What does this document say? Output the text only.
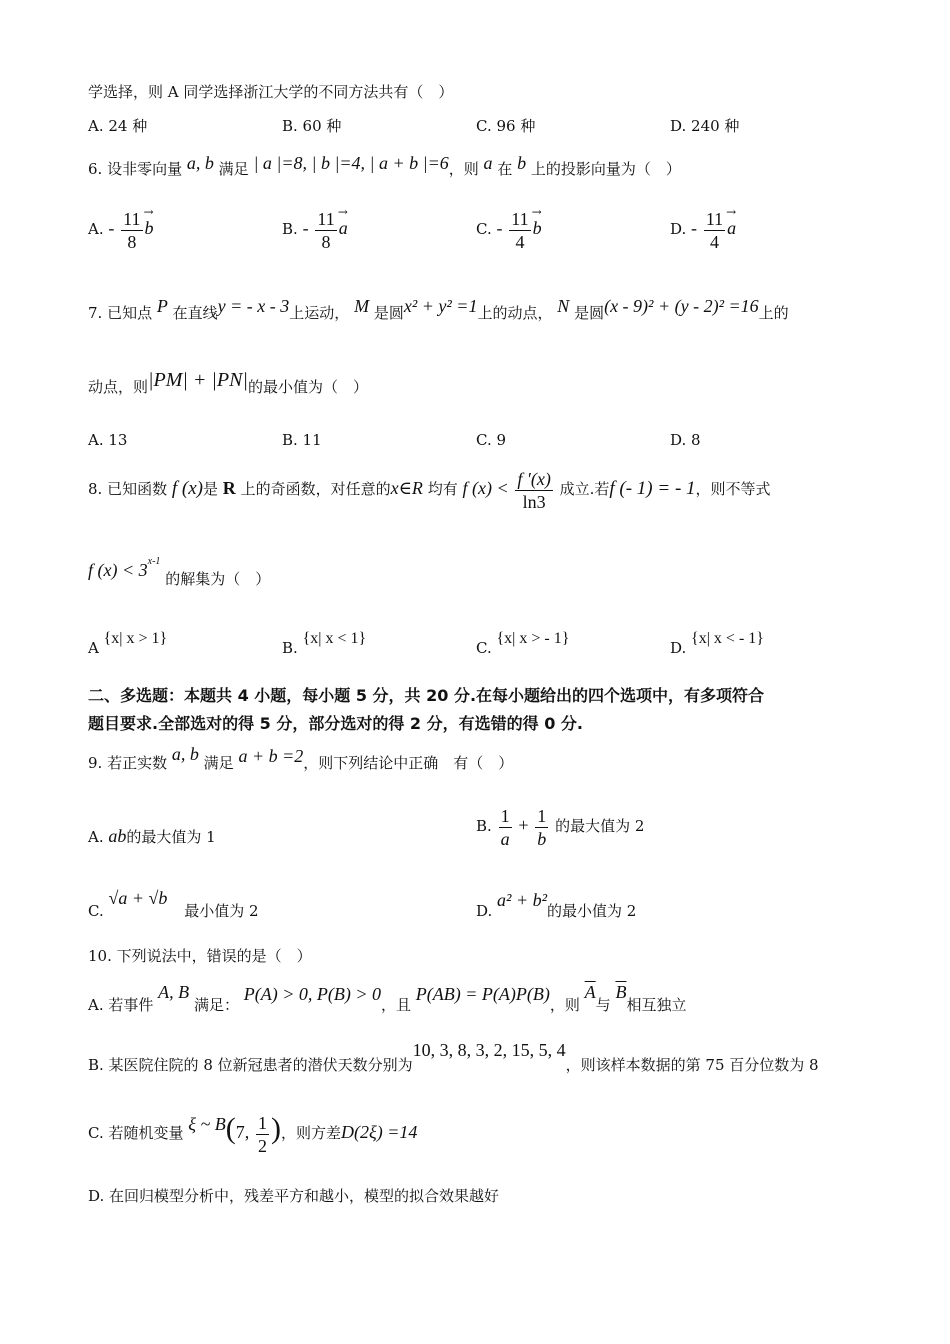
学选择，则 A 同学选择浙江大学的不同方法共有（　）
A. 24 种	B. 60 种	C. 96 种	D. 240 种
6. 设非零向量 a, b 满足 | a |=8, | b |=4, | a + b |=6，则 a 在 b 上的投影向量为（　）
A. - $\frac{11}{8} b^\to$
B. - $\frac{11}{8} a^\to$
C. - $\frac{11}{4} b^\to$
D. - $\frac{11}{4} a^\to$
7. 已知点 P 在直线y = - x - 3上运动， M 是圆x² + y² =1上的动点， N 是圆(x - 9)² + (y - 2)² =16上的
动点，则|PM| + |PN|的最小值为（　）
A. 13	B. 11	C. 9	D. 8
8. 已知函数 f (x)是 R 上的奇函数，对任意的x∈R 均有 f $(x) < \frac{f '(x)}{\ln 3}$ 成立.若f (- 1) = - 1，则不等式
f $(x) < 3^{x-1}$ 的解集为（　）
A {x| x > 1}
B. {x| x < 1}
C. {x| x > - 1}
D. {x| x < - 1}
二、多选题：本题共 4 小题，每小题 5 分，共 20 分.在每小题给出的四个选项中，有多项符合
题目要求.全部选对的得 5 分，部分选对的得 2 分，有选错的得 0 分.
9. 若正实数 a, b 满足 a + b =2，则下列结论中正确　有（　）
A. ab的最大值为 1
B. $\frac{1}{a} + \frac{1}{b}$ 的最大值为 2
C. √a + √b 最小值为 2	D. a² + b²的最小值为 2
10. 下列说法中，错误的是（　）
A. 若事件 A, B 满足： P(A) > 0, P(B) > 0，且 P(AB) = P(A)P(B)，则 $\overline{A}$与 $\overline{B}$相互独立
B. 某医院住院的 8 位新冠患者的潜伏天数分别为10, 3, 8, 3, 2, 15, 5, 4，则该样本数据的第 75 百分位数为 8
C. 若随机变量 ξ ~ B(7, $\frac{1}{2}$ )，则方差D(2ξ) =14
D. 在回归模型分析中，残差平方和越小，模型的拟合效果越好
